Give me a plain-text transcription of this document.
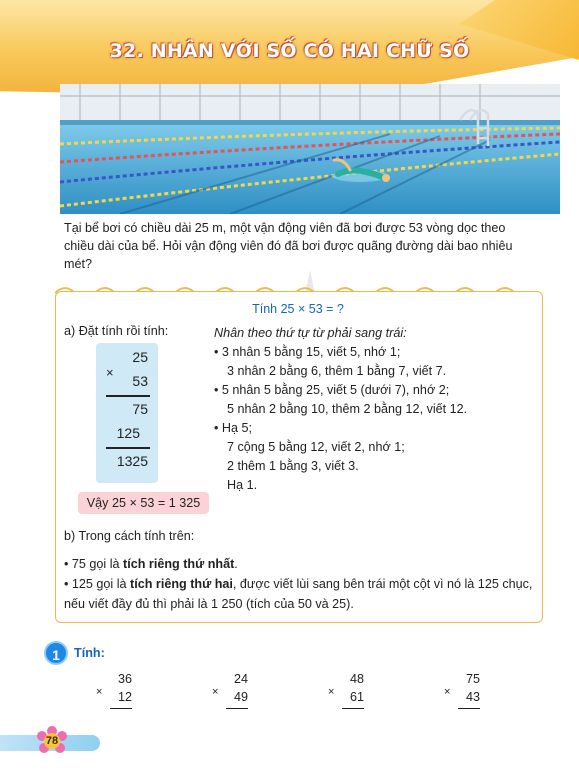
32. NHÂN VỚI SỐ CÓ HAI CHỮ SỐ
Tại bể bơi có chiều dài 25 m, một vận động viên đã bơi được 53 vòng dọc theo chiều dài của bể. Hỏi vận động viên đó đã bơi được quãng đường dài bao nhiêu mét?
Tính 25 × 53 = ?
a) Đặt tính rồi tính:
25
×
53
75
125
1325
Vậy 25 × 53 = 1 325
Nhân theo thứ tự từ phải sang trái:
• 3 nhân 5 bằng 15, viết 5, nhớ 1;
3 nhân 2 bằng 6, thêm 1 bằng 7, viết 7.
• 5 nhân 5 bằng 25, viết 5 (dưới 7), nhớ 2;
5 nhân 2 bằng 10, thêm 2 bằng 12, viết 12.
• Hạ 5;
7 cộng 5 bằng 12, viết 2, nhớ 1;
2 thêm 1 bằng 3, viết 3.
Hạ 1.
b) Trong cách tính trên:
• 75 gọi là tích riêng thứ nhất.
• 125 gọi là tích riêng thứ hai, được viết lùi sang bên trái một cột vì nó là 125 chục, nếu viết đầy đủ thì phải là 1 250 (tích của 50 và 25).
1	Tính:
36
× 12
24
× 49
48
× 61
75
× 43
78
